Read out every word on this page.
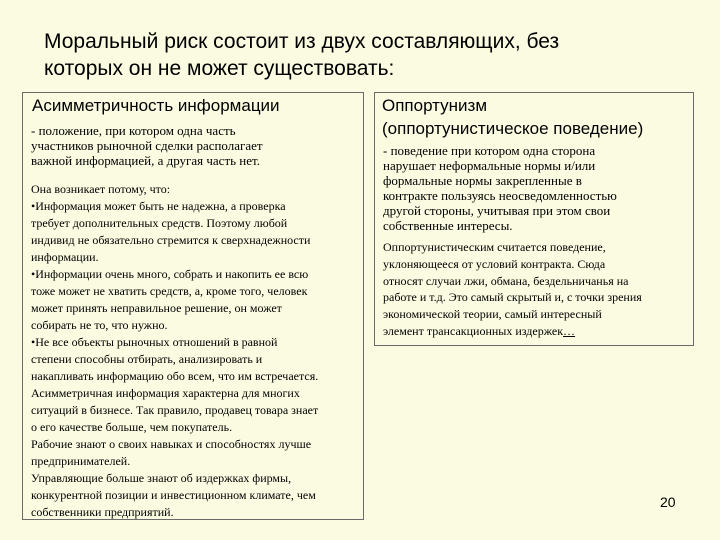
Моральный риск состоит из двух составляющих, без
которых он не может существовать:
Асимметричность информации
- положение, при котором одна часть
участников рыночной сделки располагает
важной информацией, а другая часть нет.

Она возникает потому, что:

•Информация может быть не надежна, а проверка

требует дополнительных средств. Поэтому любой

индивид не обязательно стремится к сверхнадежности

информации.

•Информации очень много, собрать и накопить ее всю

тоже может не хватить средств, а, кроме того, человек

может принять неправильное решение, он может

собирать не то, что нужно.

•Не все объекты рыночных отношений в равной

степени способны отбирать, анализировать и

накапливать информацию обо всем, что им встречается.

Асимметричная информация характерна для многих

ситуаций в бизнесе. Так правило, продавец товара знает

о его качестве больше, чем покупатель.

Рабочие знают о своих навыках и способностях лучше

предпринимателей.

Управляющие больше знают об издержках фирмы,

конкурентной позиции и инвестиционном климате, чем

собственники предприятий.

Оппортунизм
(оппортунистическое поведение)
- поведение при котором одна сторона
нарушает неформальные нормы и/или
формальные нормы закрепленные в
контракте пользуясь неосведомленностью
другой стороны, учитывая при этом свои
собственные интересы.
Оппортунистическим считается поведение,
уклоняющееся от условий контракта. Сюда
относят случаи лжи, обмана, бездельничанья на
работе и т.д. Это самый скрытый и, с точки зрения
экономической теории, самый интересный
элемент трансакционных издержек…
20
